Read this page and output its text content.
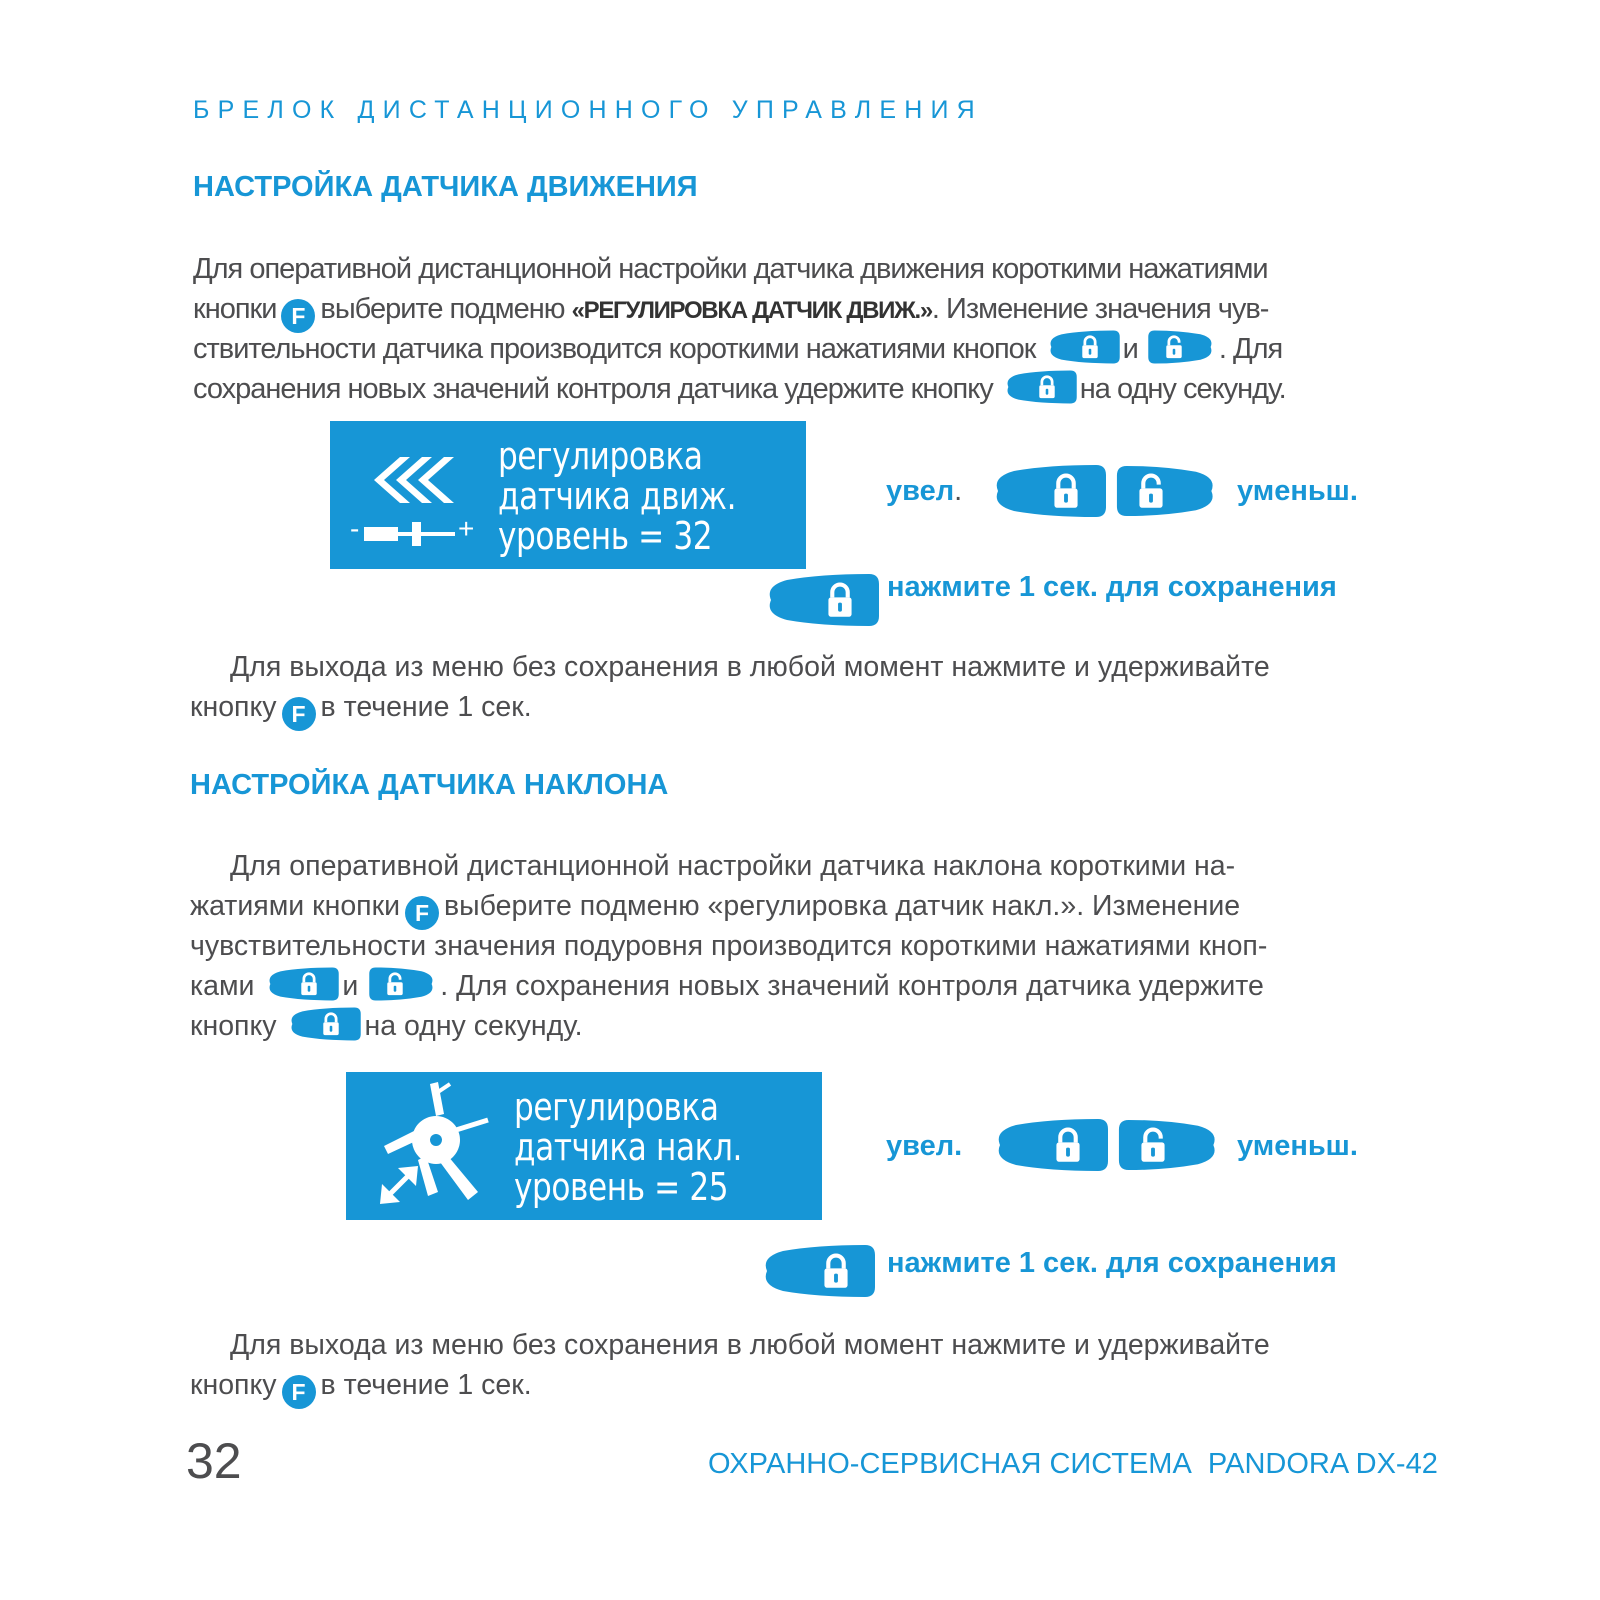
БРЕЛОК ДИСТАНЦИОННОГО УПРАВЛЕНИЯ
НАСТРОЙКА ДАТЧИКА ДВИЖЕНИЯ
Для оперативной дистанционной настройки датчика движения короткими нажатиями
кнопки F выберите подменю «РЕГУЛИРОВКА ДАТЧИК ДВИЖ.». Изменение значения чув-
ствительности датчика производится короткими нажатиями кнопок	и	. Для
сохранения новых значений контроля датчика удержите кнопку	на одну секунду.
-	+
регулировка
датчика движ.
уровень = 32
увел.	уменьш.
нажмите 1 сек. для сохранения
Для выхода из меню без сохранения в любой момент нажмите и удерживайте
кнопку F в течение 1 сек.
НАСТРОЙКА ДАТЧИКА НАКЛОНА
Для оперативной дистанционной настройки датчика наклона короткими на-
жатиями кнопки F выберите подменю «регулировка датчик накл.». Изменение
чувствительности значения подуровня производится короткими нажатиями кноп-
ками	и	. Для сохранения новых значений контроля датчика удержите
кнопку	на одну секунду.
регулировка
датчика накл.
уровень = 25
увел.	уменьш.
нажмите 1 сек. для сохранения
Для выхода из меню без сохранения в любой момент нажмите и удерживайте
кнопку F в течение 1 сек.
32	ОХРАННО-СЕРВИСНАЯ СИСТЕМА  PANDORA DX-42
